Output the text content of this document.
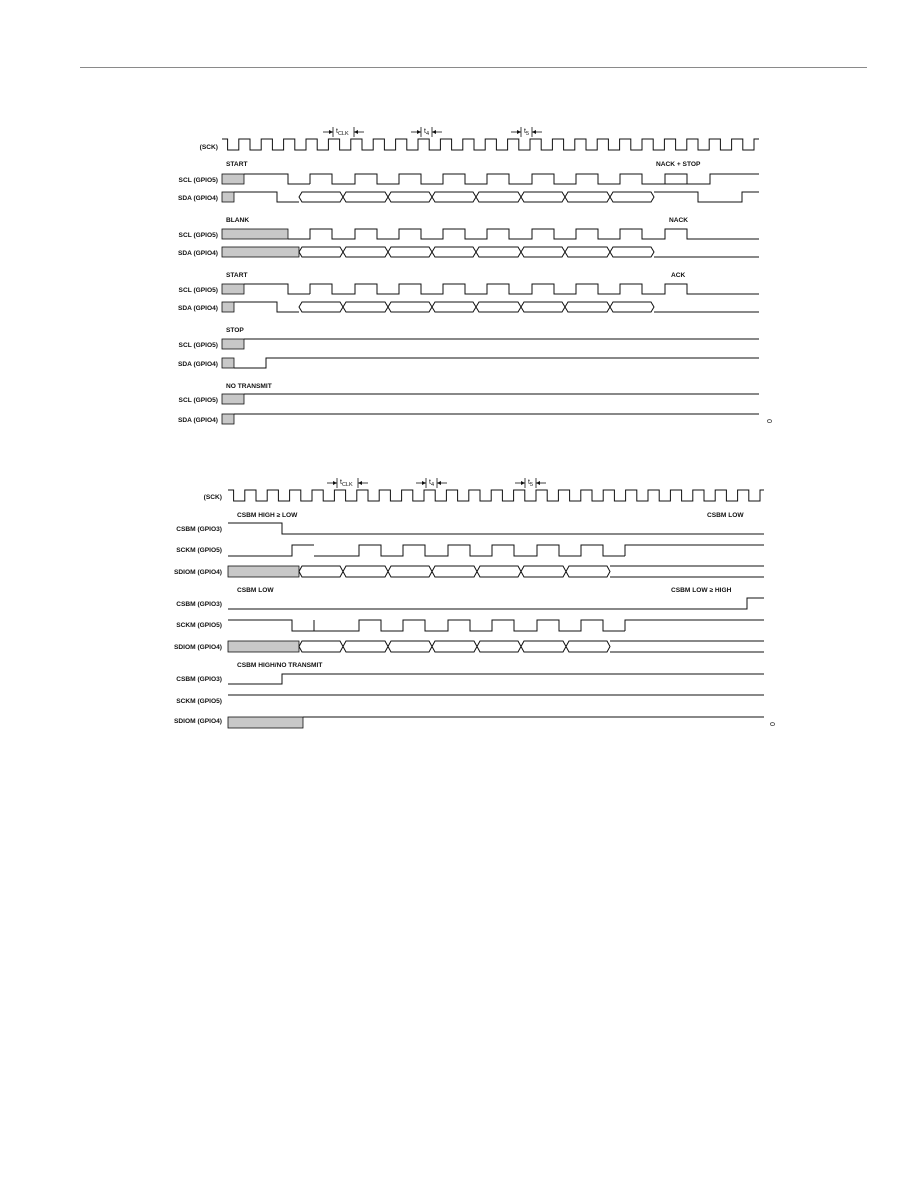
(SCK)
$t_{CLK}$	$t_4$	$t_5$
START	NACK + STOP
SCL (GPIO5)
SDA (GPIO4)
BLANK	NACK
SCL (GPIO5)
SDA (GPIO4)
START	ACK
SCL (GPIO5)
SDA (GPIO4)
STOP
SCL (GPIO5)
SDA (GPIO4)
NO TRANSMIT
SCL (GPIO5)
SDA (GPIO4)	0
(SCK)
$t_{CLK}$	$t_4$	$t_5$
CSBM HIGH ≥ LOW	CSBM LOW
CSBM (GPIO3)
SCKM (GPIO5)
SDIOM (GPIO4)
CSBM LOW	CSBM LOW ≥ HIGH
CSBM (GPIO3)
SCKM (GPIO5)
SDIOM (GPIO4)
CSBM HIGH/NO TRANSMIT
CSBM (GPIO3)
SCKM (GPIO5)
SDIOM (GPIO4)	0
